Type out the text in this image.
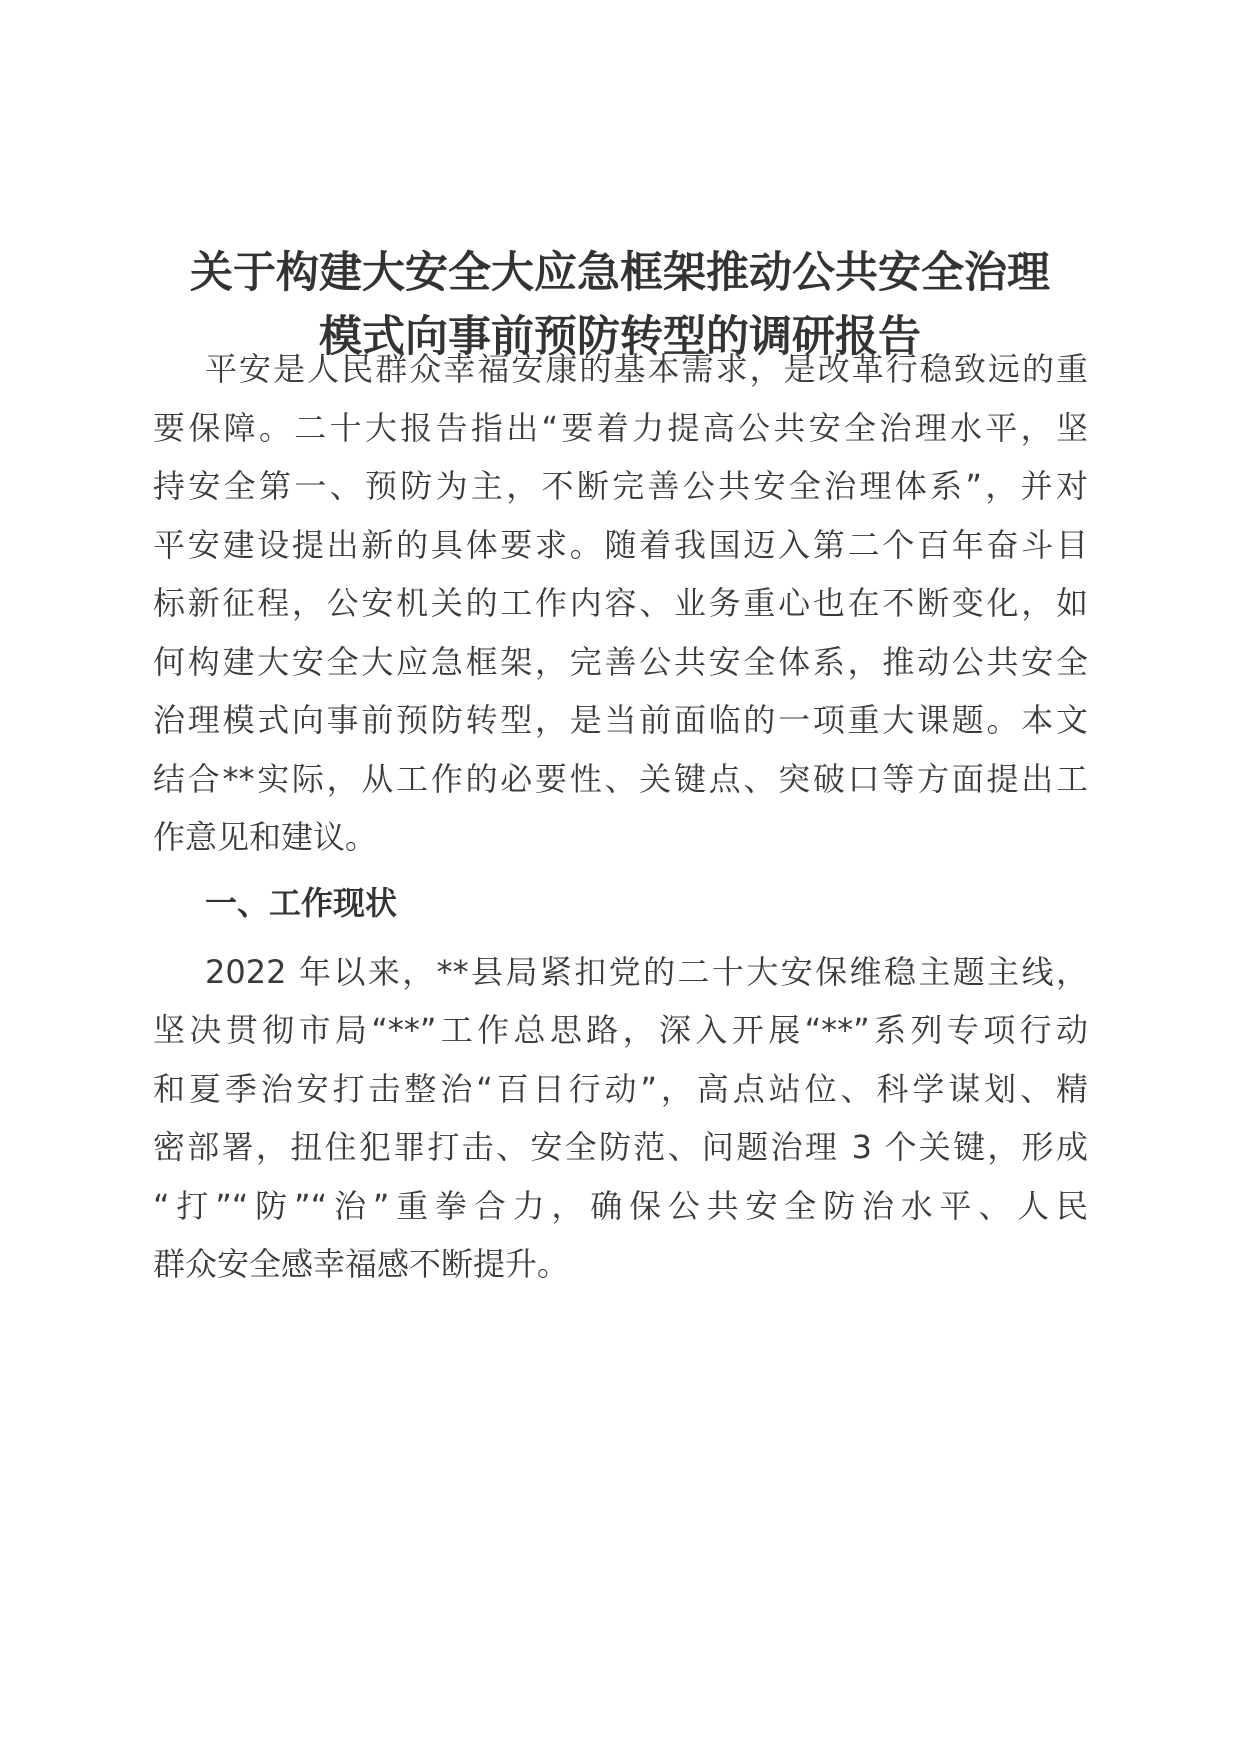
关于构建大安全大应急框架推动公共安全治理
模式向事前预防转型的调研报告

平安是人民群众幸福安康的基本需求，是改革行稳致远的重

要保障。二十大报告指出“要着力提高公共安全治理水平，坚

持安全第一、预防为主，不断完善公共安全治理体系”，并对

平安建设提出新的具体要求。随着我国迈入第二个百年奋斗目

标新征程，公安机关的工作内容、业务重心也在不断变化，如

何构建大安全大应急框架，完善公共安全体系，推动公共安全

治理模式向事前预防转型，是当前面临的一项重大课题。本文

结合**实际，从工作的必要性、关键点、突破口等方面提出工

作意见和建议。

一、工作现状

2022 年以来，**县局紧扣党的二十大安保维稳主题主线，

坚决贯彻市局“**”工作总思路，深入开展“**”系列专项行动

和夏季治安打击整治“百日行动”，高点站位、科学谋划、精

密部署，扭住犯罪打击、安全防范、问题治理 3 个关键，形成

“打”“防”“治”重拳合力，确保公共安全防治水平、人民

群众安全感幸福感不断提升。
